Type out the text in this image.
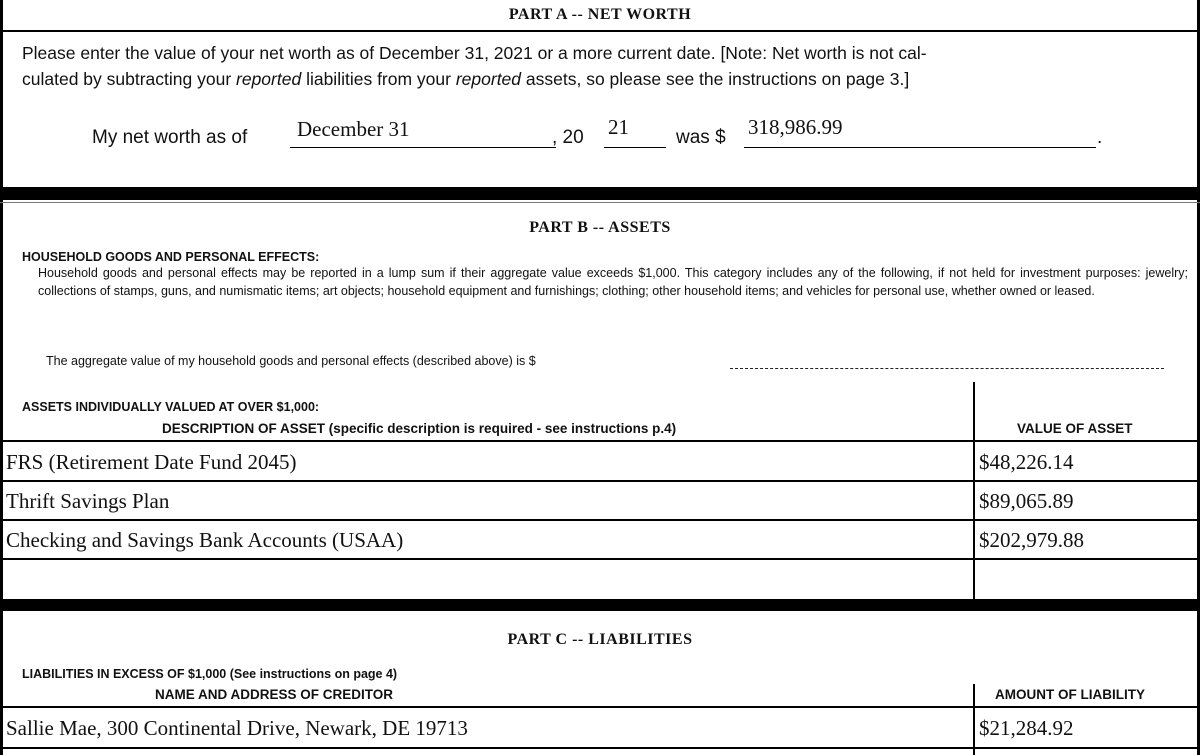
PART A -- NET WORTH
Please enter the value of your net worth as of December 31, 2021 or a more current date. [Note: Net worth is not cal-
culated by subtracting your reported liabilities from your reported assets, so please see the instructions on page 3.]
My net worth as of December 31	, 20 21 was $ 318,986.99	.
PART B -- ASSETS
HOUSEHOLD GOODS AND PERSONAL EFFECTS:
Household goods and personal effects may be reported in a lump sum if their aggregate value exceeds $1,000. This category includes any of the following, if not held for investment purposes: jewelry; collections of stamps, guns, and numismatic items; art objects; household equipment and furnishings; clothing; other household items; and vehicles for personal use, whether owned or leased.
The aggregate value of my household goods and personal effects (described above) is $
ASSETS INDIVIDUALLY VALUED AT OVER $1,000:
DESCRIPTION OF ASSET (specific description is required - see instructions p.4)	VALUE OF ASSET
FRS (Retirement Date Fund 2045)	$48,226.14
Thrift Savings Plan	$89,065.89
Checking and Savings Bank Accounts (USAA)	$202,979.88
PART C -- LIABILITIES
LIABILITIES IN EXCESS OF $1,000 (See instructions on page 4)
NAME AND ADDRESS OF CREDITOR	AMOUNT OF LIABILITY
Sallie Mae, 300 Continental Drive, Newark, DE 19713	$21,284.92
